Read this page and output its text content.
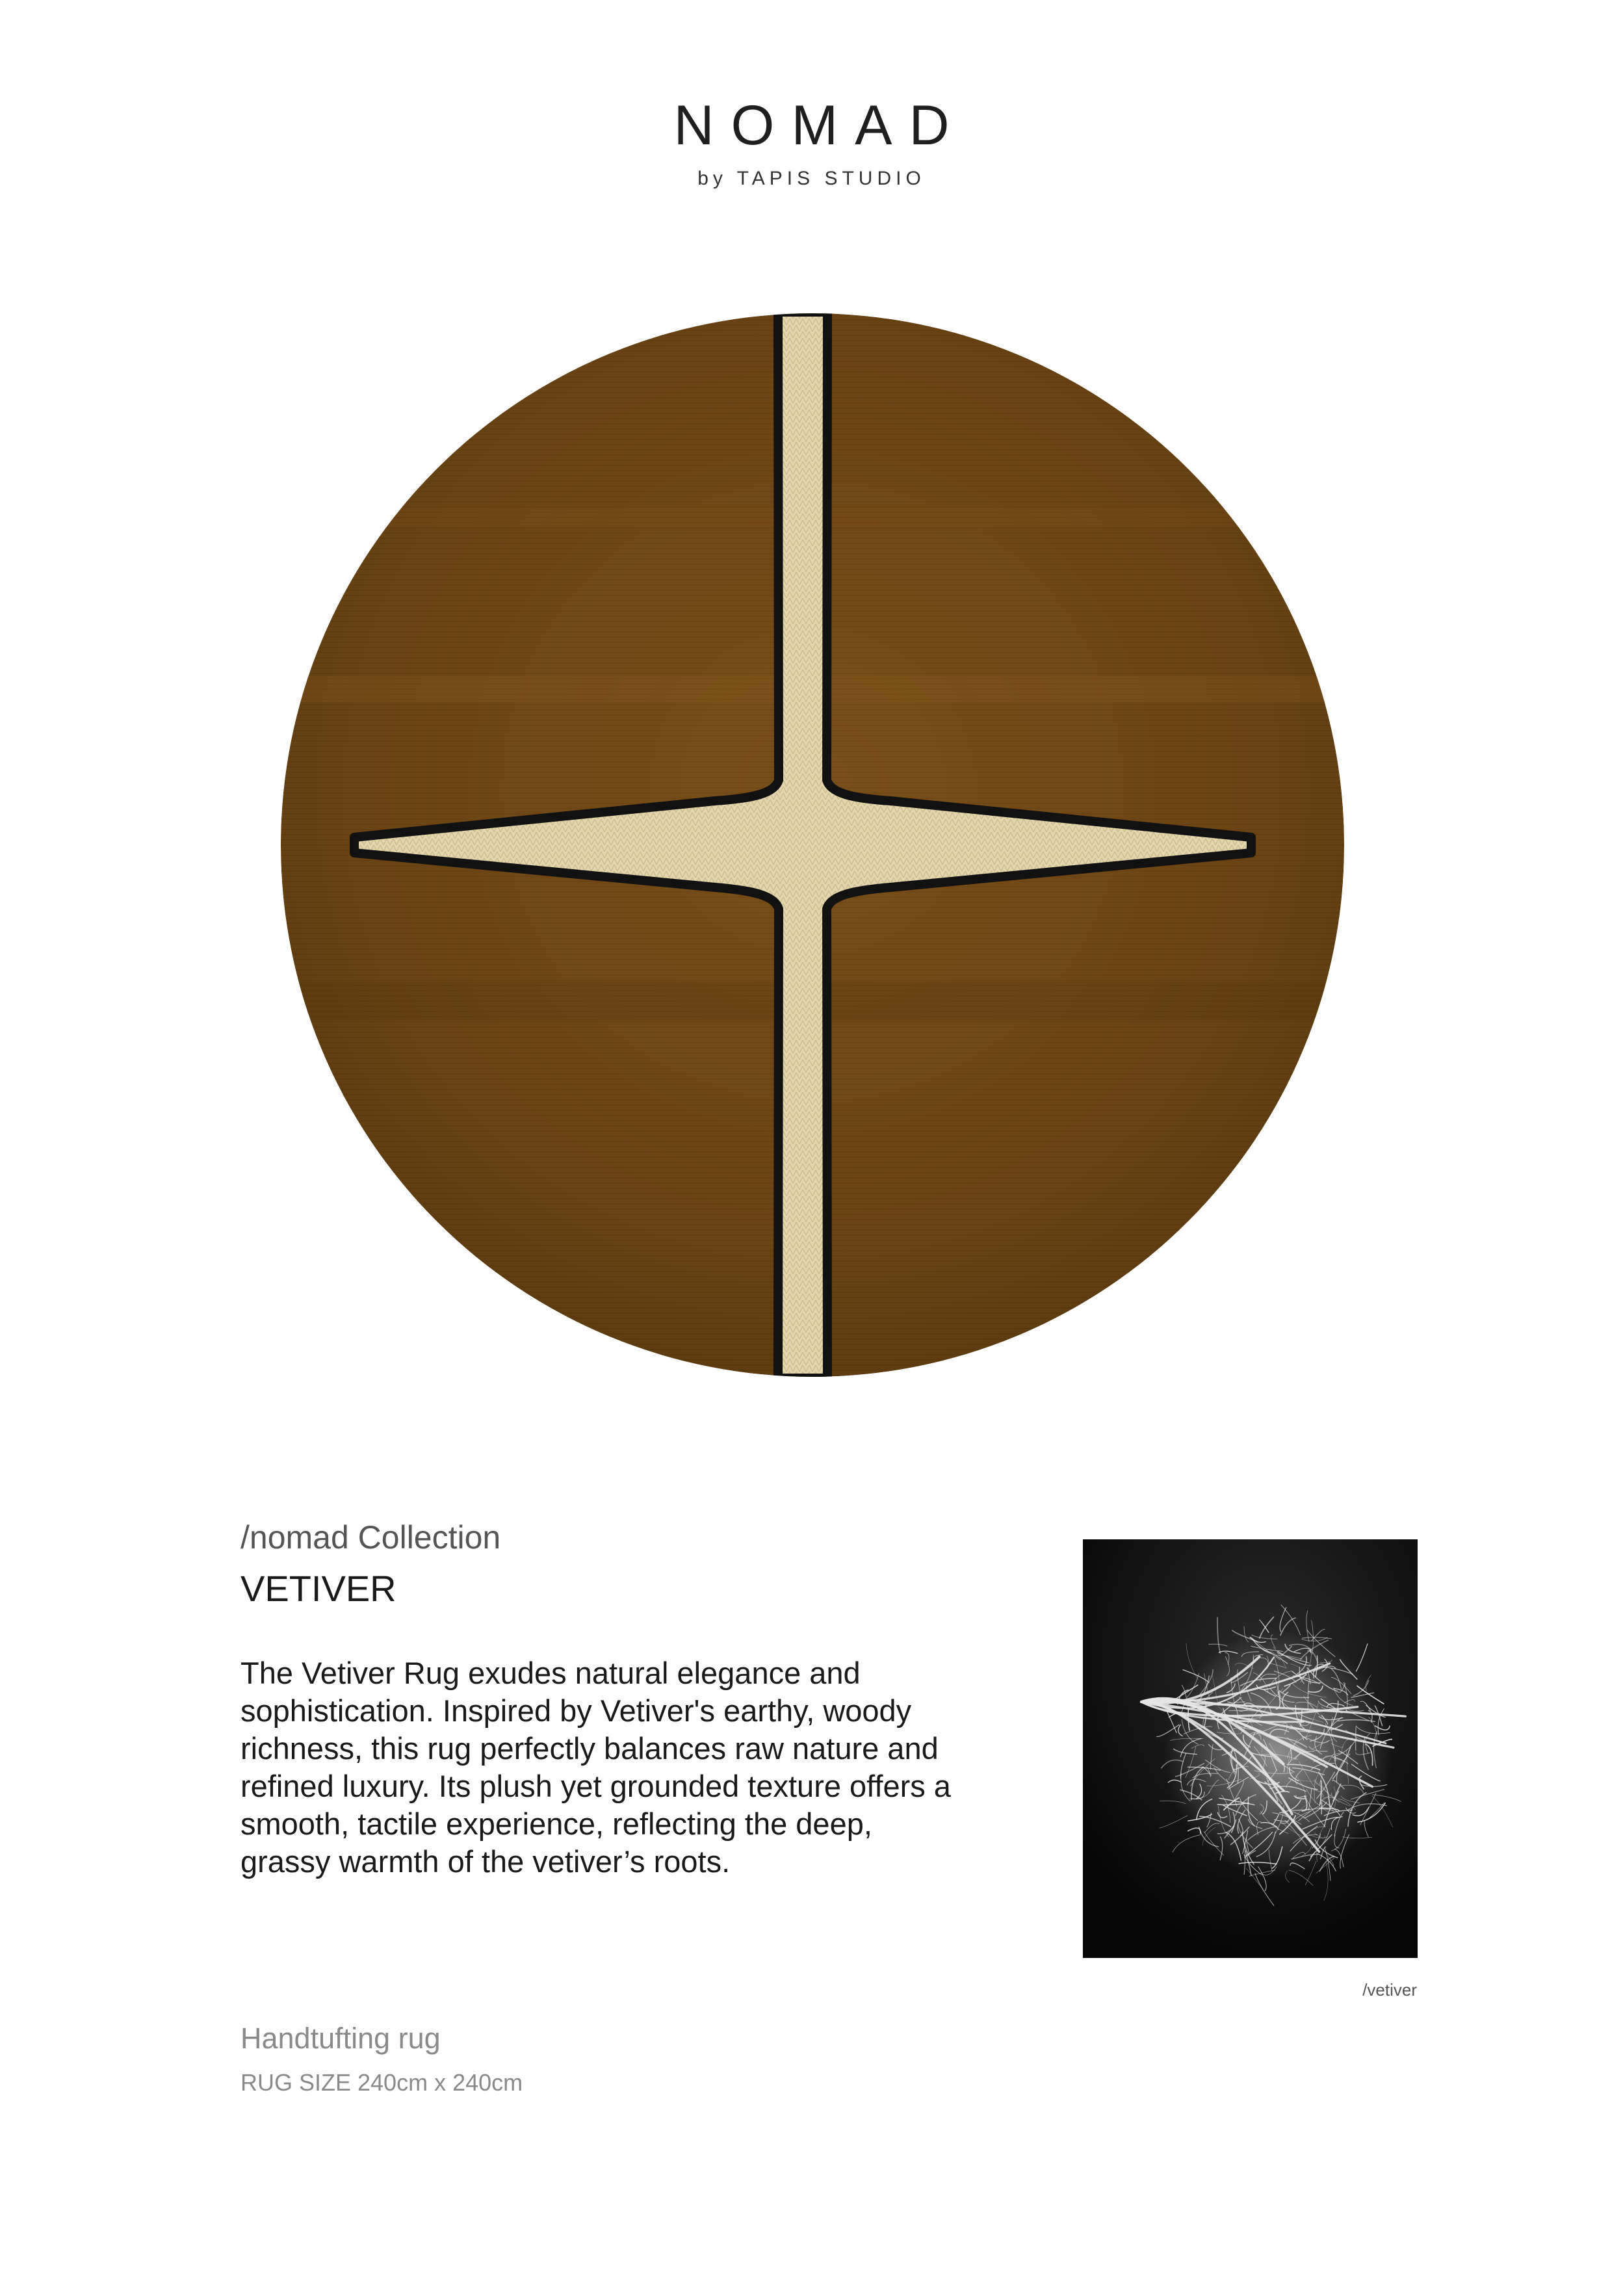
NOMAD
by TAPIS STUDIO
/nomad Collection
VETIVER
The Vetiver Rug exudes natural elegance and sophistication. Inspired by Vetiver's earthy, woody richness, this rug perfectly balances raw nature and refined luxury. Its plush yet grounded texture offers a smooth, tactile experience, reflecting the deep, grassy warmth of the vetiver’s roots.
Handtufting rug
RUG SIZE 240cm x 240cm
/vetiver
